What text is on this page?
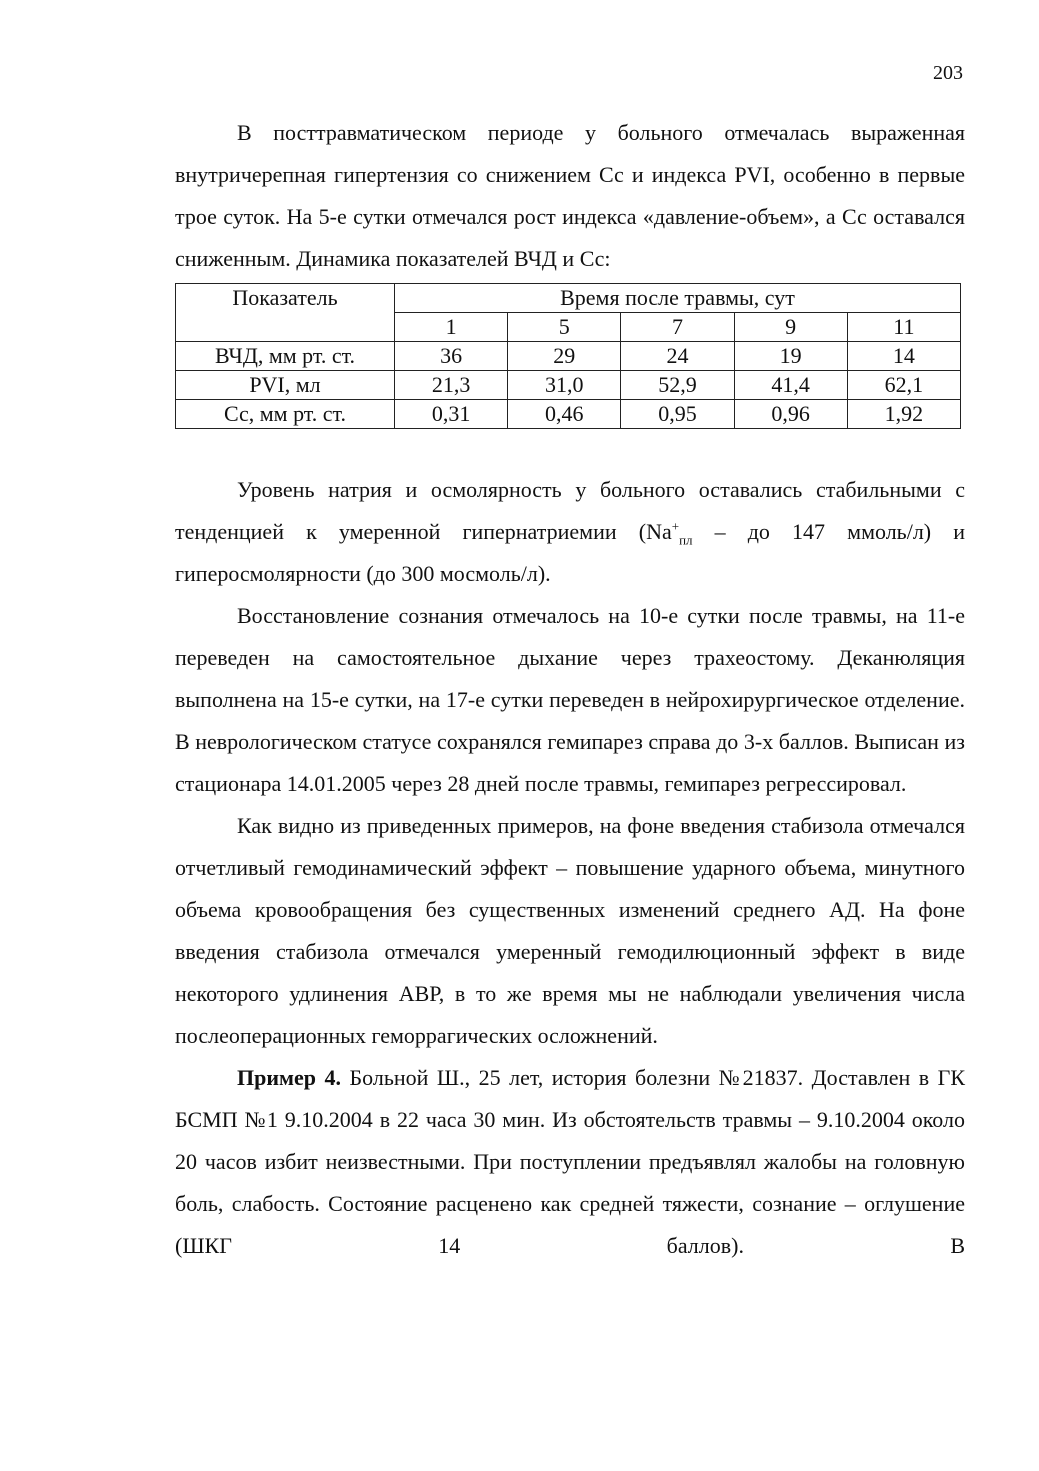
203

В посттравматическом периоде у больного отмечалась выраженная внутричерепная гипертензия со снижением Сс и индекса PVI, особенно в первые трое суток. На 5-е сутки отмечался рост индекса «давление-объем», а Сс оставался сниженным. Динамика показателей ВЧД и Сс:

Показатель	Время после травмы, сут				
	1	5	7	9	11
ВЧД, мм рт. ст.	36	29	24	19	14
PVI, мл	21,3	31,0	52,9	41,4	62,1
Сс, мм рт. ст.	0,31	0,46	0,95	0,96	1,92

Уровень натрия и осмолярность у больного оставались стабильными с тенденцией к умеренной гипернатриемии ($Na^+_{пл}$ – до 147 ммоль/л) и гиперосмолярности (до 300 мосмоль/л).

Восстановление сознания отмечалось на 10-е сутки после травмы, на 11-е переведен на самостоятельное дыхание через трахеостому. Деканюляция выполнена на 15-е сутки, на 17-е сутки переведен в нейрохирургическое отделение. В неврологическом статусе сохранялся гемипарез справа до 3-х баллов. Выписан из стационара 14.01.2005 через 28 дней после травмы, гемипарез регрессировал.

Как видно из приведенных примеров, на фоне введения стабизола отмечался отчетливый гемодинамический эффект – повышение ударного объема, минутного объема кровообращения без существенных изменений среднего АД. На фоне введения стабизола отмечался умеренный гемодилюционный эффект в виде некоторого удлинения АВР, в то же время мы не наблюдали увеличения числа послеоперационных геморрагических осложнений.

Пример 4. Больной Ш., 25 лет, история болезни №21837. Доставлен в ГК БСМП №1 9.10.2004 в 22 часа 30 мин. Из обстоятельств травмы – 9.10.2004 около 20 часов избит неизвестными. При поступлении предъявлял жалобы на головную боль, слабость. Состояние расценено как средней тяжести, сознание – оглушение (ШКГ 14 баллов). В
